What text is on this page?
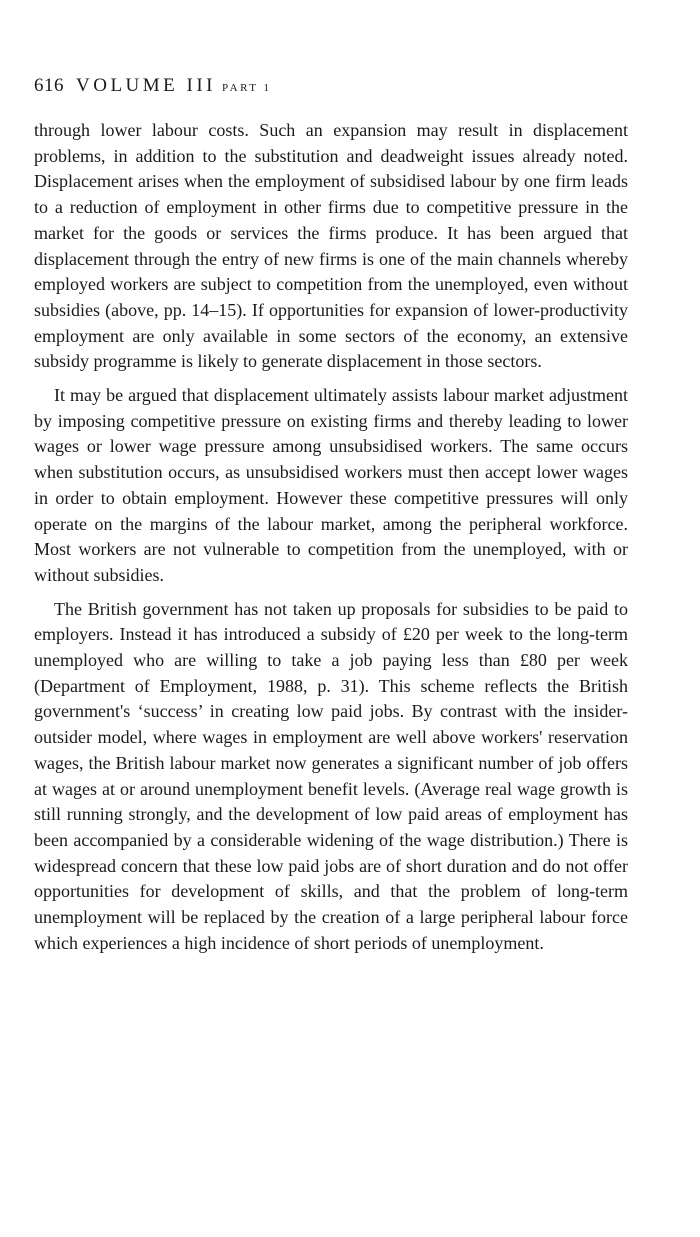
616 VOLUME III PART 1

through lower labour costs. Such an expansion may result in displacement problems, in addition to the substitution and deadweight issues already noted. Displacement arises when the employment of subsidised labour by one firm leads to a reduction of employment in other firms due to competitive pressure in the market for the goods or services the firms produce. It has been argued that displacement through the entry of new firms is one of the main channels whereby employed workers are subject to competition from the unemployed, even without subsidies (above, pp. 14–15). If opportunities for expansion of lower-productivity employment are only available in some sectors of the economy, an extensive subsidy programme is likely to generate displacement in those sectors.

It may be argued that displacement ultimately assists labour market adjustment by imposing competitive pressure on existing firms and thereby leading to lower wages or lower wage pressure among unsubsidised workers. The same occurs when substitution occurs, as unsubsidised workers must then accept lower wages in order to obtain employment. However these competitive pressures will only operate on the margins of the labour market, among the peripheral workforce. Most workers are not vulnerable to competition from the unemployed, with or without subsidies.

The British government has not taken up proposals for subsidies to be paid to employers. Instead it has introduced a subsidy of £20 per week to the long-term unemployed who are willing to take a job paying less than £80 per week (Department of Employment, 1988, p. 31). This scheme reflects the British government's ‘success’ in creating low paid jobs. By contrast with the insider-outsider model, where wages in employment are well above workers' reservation wages, the British labour market now generates a significant number of job offers at wages at or around unemployment benefit levels. (Average real wage growth is still running strongly, and the development of low paid areas of employment has been accompanied by a considerable widening of the wage distribution.) There is widespread concern that these low paid jobs are of short duration and do not offer opportunities for development of skills, and that the problem of long-term unemployment will be replaced by the creation of a large peripheral labour force which experiences a high incidence of short periods of unemployment.
